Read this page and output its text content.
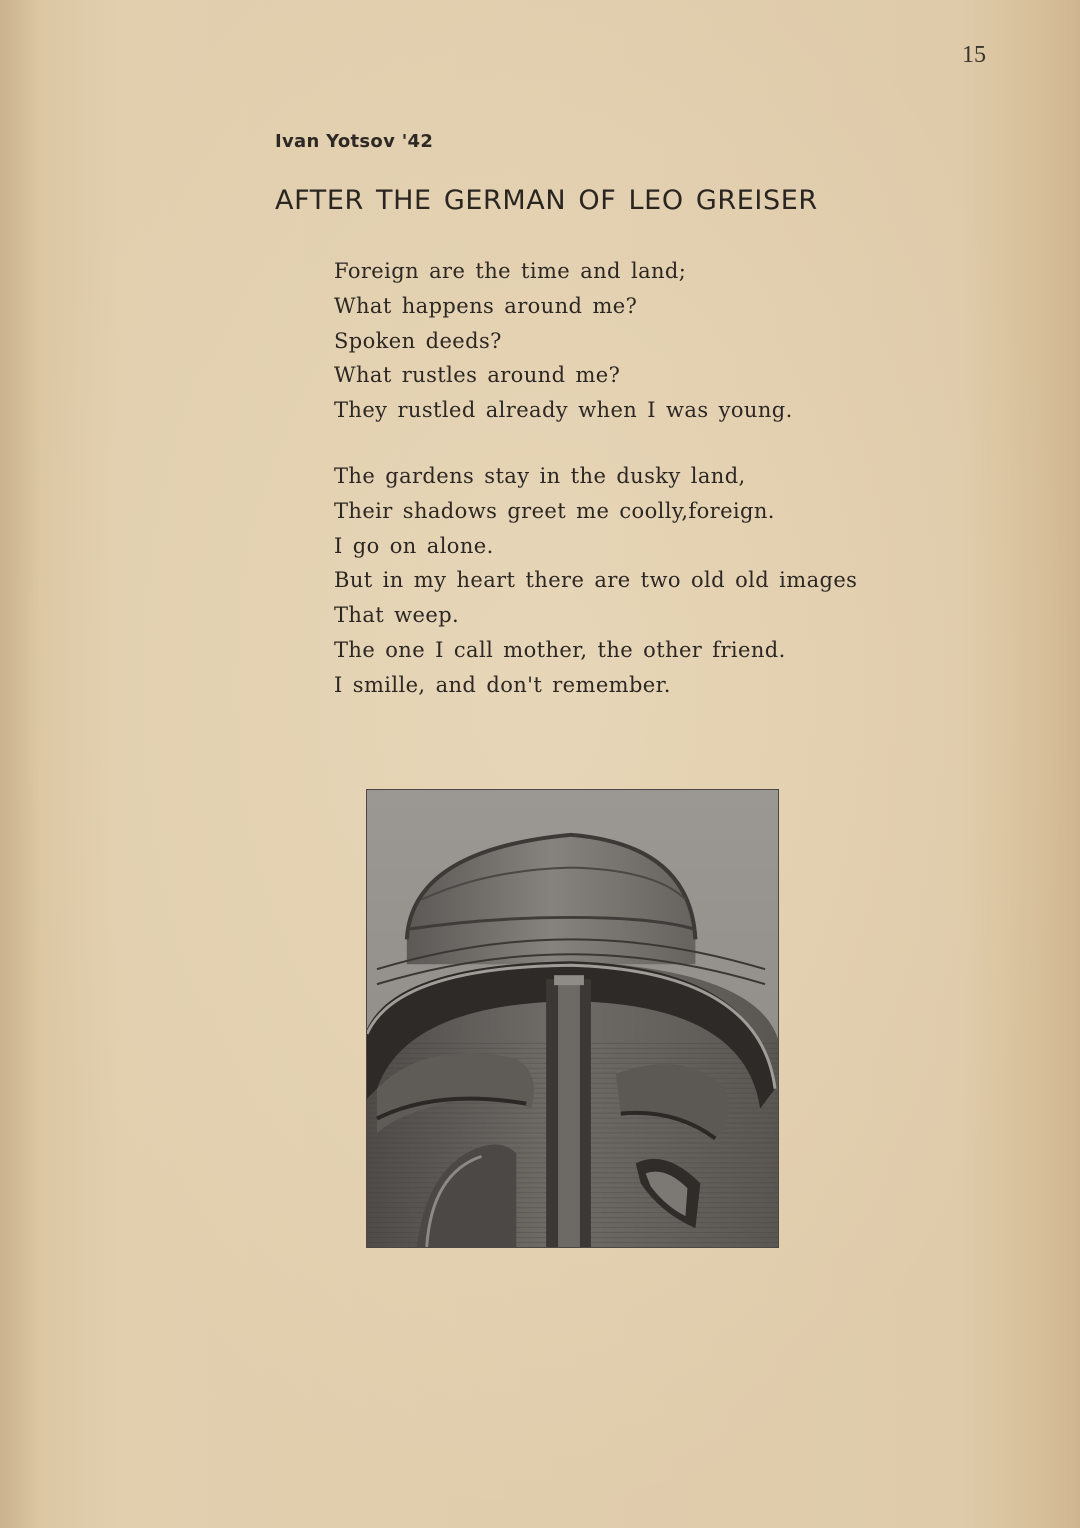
15
Ivan Yotsov '42
AFTER THE GERMAN OF LEO GREISER
Foreign are the time and land;
What happens around me?
Spoken deeds?
What rustles around me?
They rustled already when I was young.
The gardens stay in the dusky land,
Their shadows greet me coolly,foreign.
I go on alone.
But in my heart there are two old old images
That weep.
The one I call mother, the other friend.
I smille, and don't remember.
